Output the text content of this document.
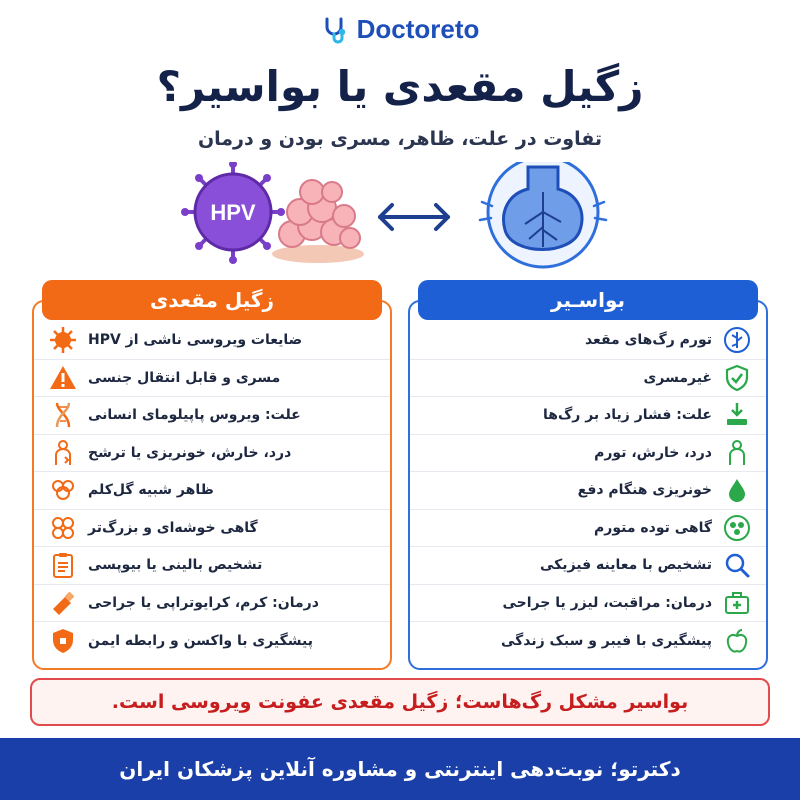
Doctoreto
زگیل مقعدی یا بواسیر؟
تفاوت در علت، ظاهر، مسری بودن و درمان
HPV
زگیل مقعدی
ضایعات ویروسی ناشی از HPV
مسری و قابل انتقال جنسی
علت: ویروس پاپیلومای انسانی
درد، خارش، خونریزی یا ترشح
ظاهر شبیه گل‌کلم
گاهی خوشه‌ای و بزرگ‌تر
تشخیص بالینی یا بیوپسی
درمان: کرم، کرایوتراپی یا جراحی
پیشگیری با واکسن و رابطه ایمن
بواسـیر
تورم رگ‌های مقعد
غیرمسری
علت: فشار زیاد بر رگ‌ها
درد، خارش، تورم
خونریزی هنگام دفع
گاهی توده متورم
تشخیص با معاینه فیزیکی
درمان: مراقبت، لیزر یا جراحی
پیشگیری با فیبر و سبک زندگی
بواسیر مشکل رگ‌هاست؛ زگیل مقعدی عفونت ویروسی است.
دکترتو؛ نوبت‌دهی اینترنتی و مشاوره آنلاین پزشکان ایران
